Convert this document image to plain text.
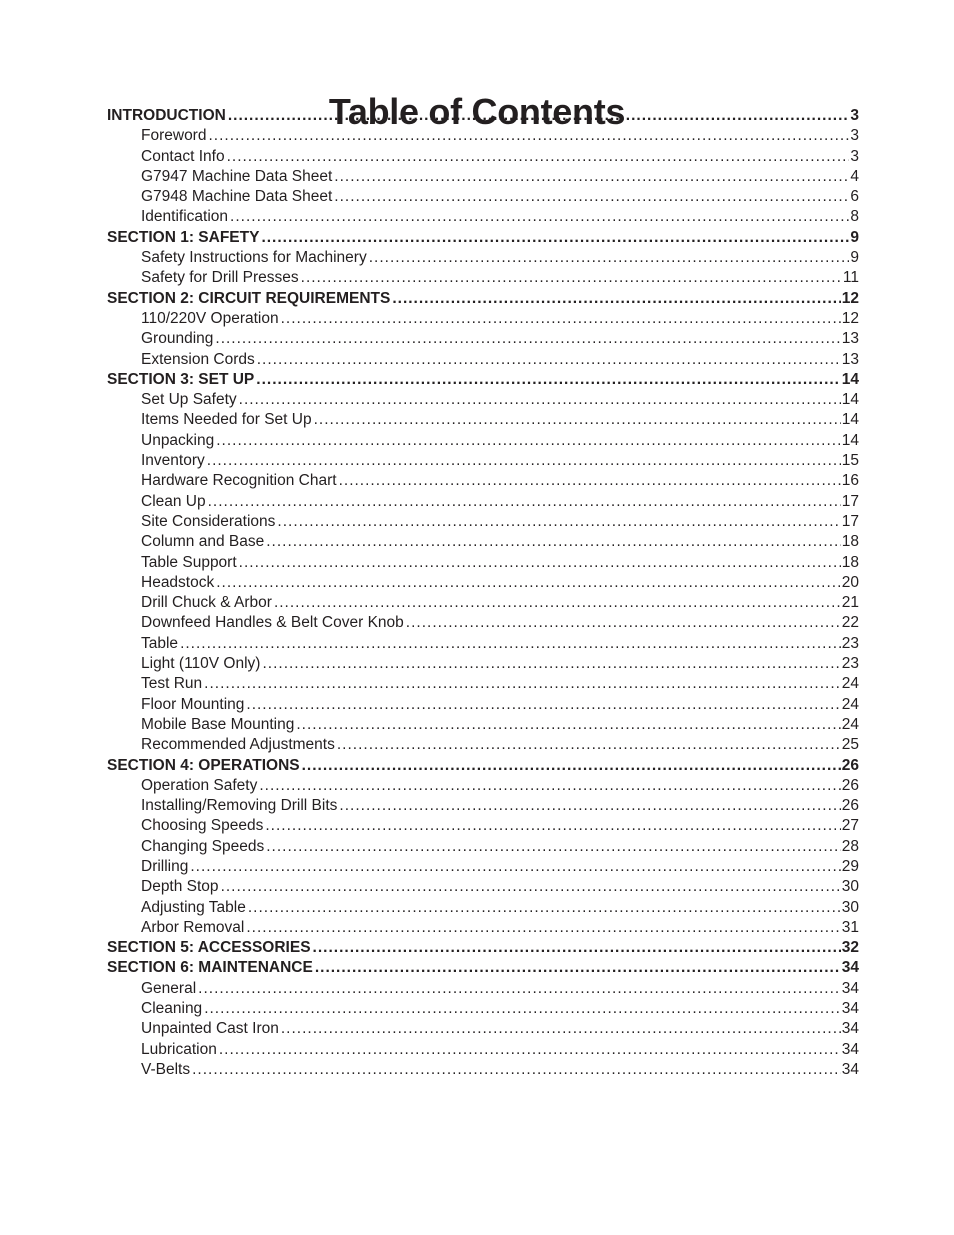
Table of Contents
INTRODUCTION .....	3
Foreword .....	3
Contact Info .....	3
G7947 Machine Data Sheet .....	4
G7948 Machine Data Sheet .....	6
Identification .....	8
SECTION 1: SAFETY .....	9
Safety Instructions for Machinery .....	9
Safety for Drill Presses .....	11
SECTION 2: CIRCUIT REQUIREMENTS .....	12
110/220V Operation .....	12
Grounding .....	13
Extension Cords .....	13
SECTION 3: SET UP .....	14
Set Up Safety .....	14
Items Needed for Set Up .....	14
Unpacking .....	14
Inventory .....	15
Hardware Recognition Chart .....	16
Clean Up .....	17
Site Considerations .....	17
Column and Base .....	18
Table Support .....	18
Headstock .....	20
Drill Chuck & Arbor .....	21
Downfeed Handles & Belt Cover Knob .....	22
Table .....	23
Light (110V Only) .....	23
Test Run .....	24
Floor Mounting .....	24
Mobile Base Mounting .....	24
Recommended Adjustments .....	25
SECTION 4: OPERATIONS .....	26
Operation Safety .....	26
Installing/Removing Drill Bits .....	26
Choosing Speeds .....	27
Changing Speeds .....	28
Drilling .....	29
Depth Stop .....	30
Adjusting Table .....	30
Arbor Removal .....	31
SECTION 5: ACCESSORIES .....	32
SECTION 6: MAINTENANCE .....	34
General .....	34
Cleaning .....	34
Unpainted Cast Iron .....	34
Lubrication .....	34
V-Belts .....	34
